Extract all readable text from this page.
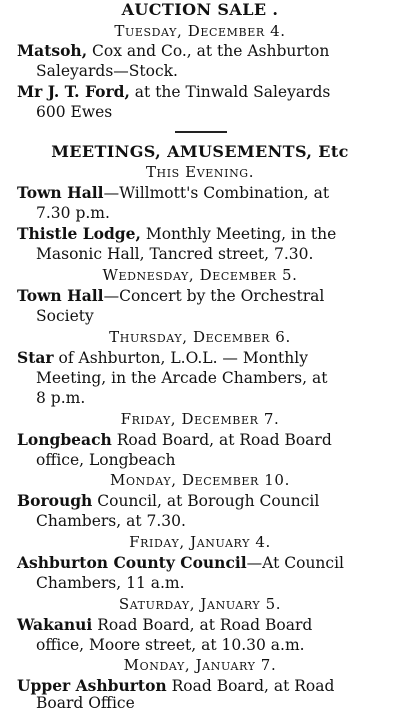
AUCTION SALE .
Tuesday, December 4.
Matsoh, Cox and Co., at the Ashburton
Saleyards—Stock.
Mr J. T. Ford, at the Tinwald Saleyards
600 Ewes
MEETINGS, AMUSEMENTS, Etc
This Evening.
Town Hall—Willmott's Combination, at
7.30 p.m.
Thistle Lodge, Monthly Meeting, in the
Masonic Hall, Tancred street, 7.30.
Wednesday, December 5.
Town Hall—Concert by the Orchestral
Society
Thursday, December 6.
Star of Ashburton, L.O.L. — Monthly
Meeting, in the Arcade Chambers, at
8 p.m.
Friday, December 7.
Longbeach Road Board, at Road Board
office, Longbeach
Monday, December 10.
Borough Council, at Borough Council
Chambers, at 7.30.
Friday, January 4.
Ashburton County Council—At Council
Chambers, 11 a.m.
Saturday, January 5.
Wakanui Road Board, at Road Board
office, Moore street, at 10.30 a.m.
Monday, January 7.
Upper Ashburton Road Board, at Road
Board Office
